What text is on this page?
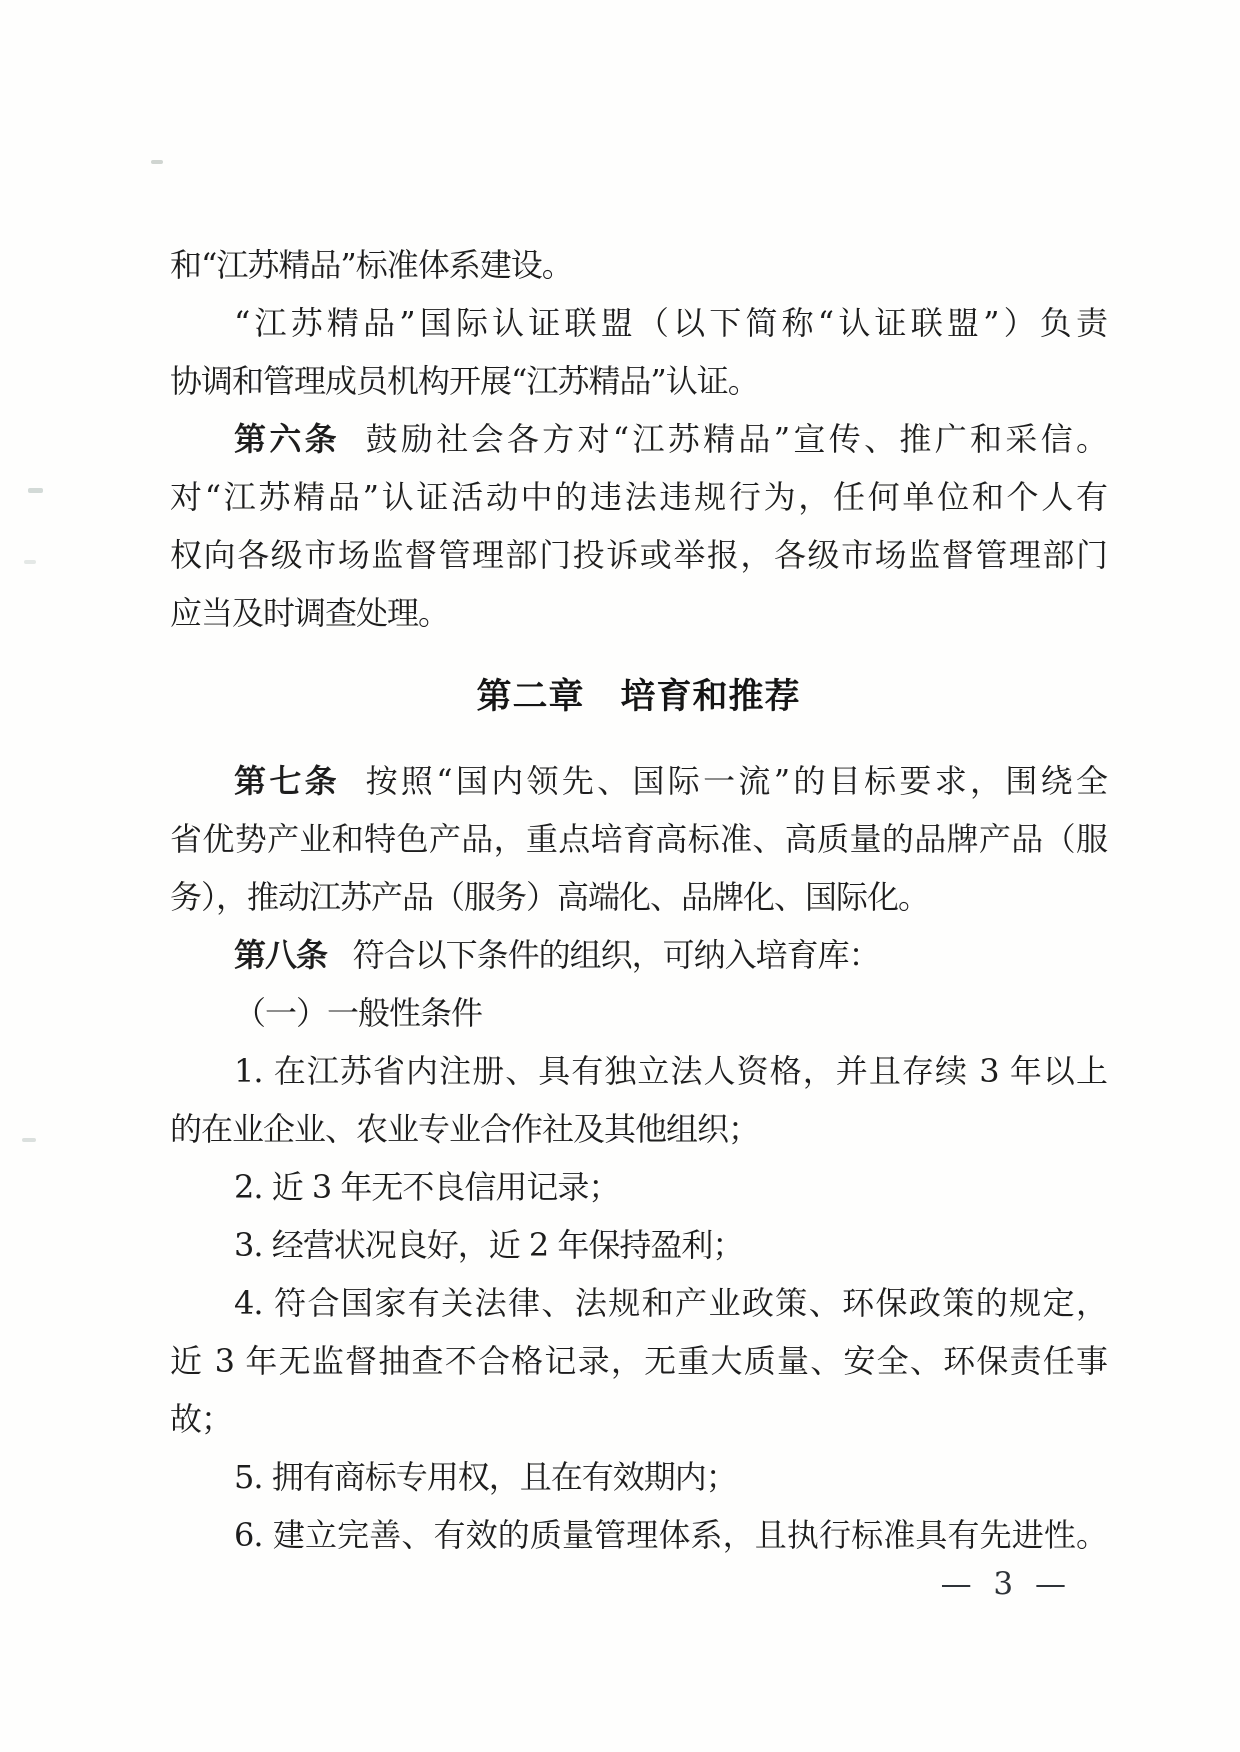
和“江苏精品”标准体系建设。
“江苏精品”国际认证联盟（以下简称“认证联盟”）负责
协调和管理成员机构开展“江苏精品”认证。
第六条 鼓励社会各方对“江苏精品”宣传、推广和采信。
对“江苏精品”认证活动中的违法违规行为，任何单位和个人有
权向各级市场监督管理部门投诉或举报，各级市场监督管理部门
应当及时调查处理。
第二章　培育和推荐
第七条 按照“国内领先、国际一流”的目标要求，围绕全
省优势产业和特色产品，重点培育高标准、高质量的品牌产品（服
务），推动江苏产品（服务）高端化、品牌化、国际化。
第八条 符合以下条件的组织，可纳入培育库：
（一）一般性条件
1. 在江苏省内注册、具有独立法人资格，并且存续 3 年以上
的在业企业、农业专业合作社及其他组织；
2. 近 3 年无不良信用记录；
3. 经营状况良好，近 2 年保持盈利；
4. 符合国家有关法律、法规和产业政策、环保政策的规定，
近 3 年无监督抽查不合格记录，无重大质量、安全、环保责任事
故；
5. 拥有商标专用权，且在有效期内；
6. 建立完善、有效的质量管理体系，且执行标准具有先进性。
— 3 —
